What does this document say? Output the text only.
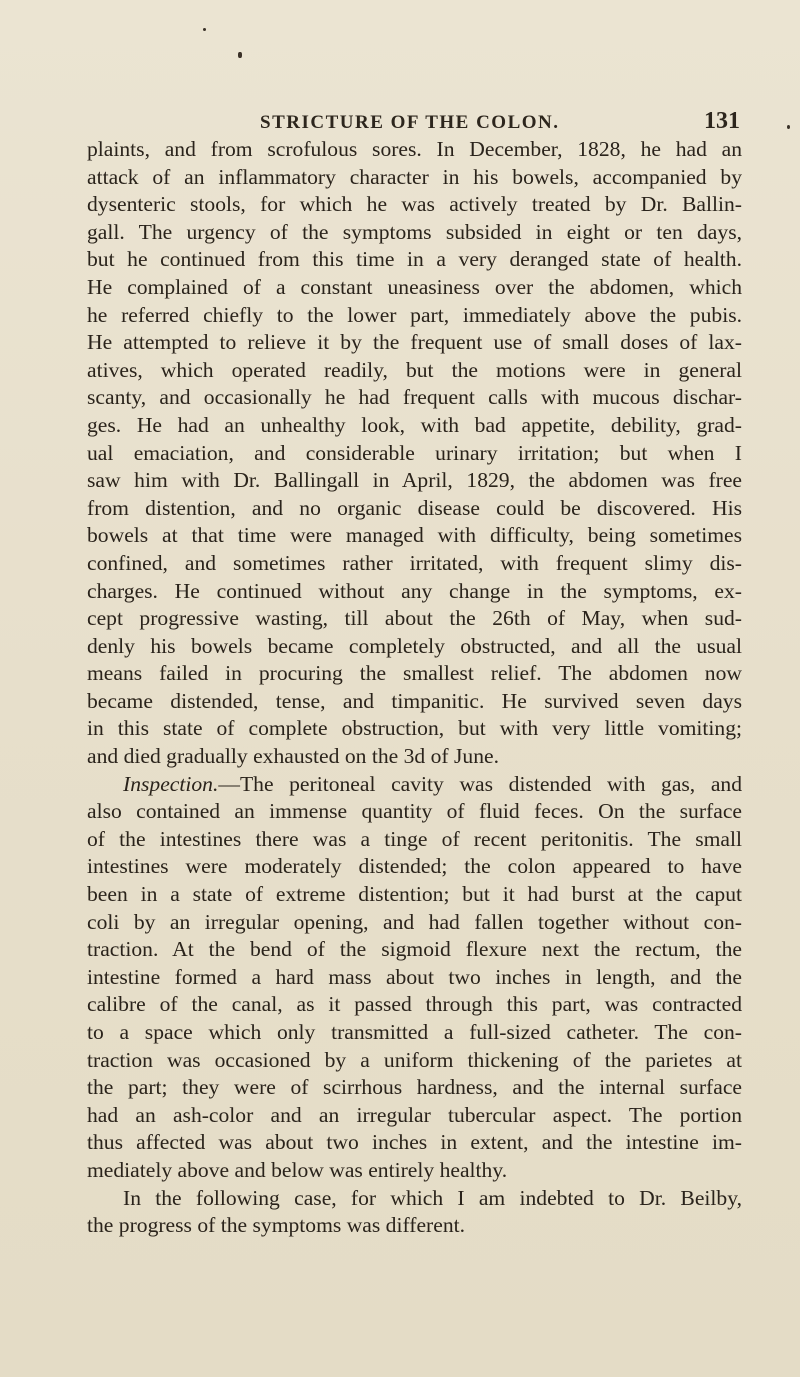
STRICTURE OF THE COLON.	131
plaints, and from scrofulous sores. In December, 1828, he had an
attack of an inflammatory character in his bowels, accompanied by
dysenteric stools, for which he was actively treated by Dr. Ballin-
gall. The urgency of the symptoms subsided in eight or ten days,
but he continued from this time in a very deranged state of health.
He complained of a constant uneasiness over the abdomen, which
he referred chiefly to the lower part, immediately above the pubis.
He attempted to relieve it by the frequent use of small doses of lax-
atives, which operated readily, but the motions were in general
scanty, and occasionally he had frequent calls with mucous dischar-
ges. He had an unhealthy look, with bad appetite, debility, grad-
ual emaciation, and considerable urinary irritation; but when I
saw him with Dr. Ballingall in April, 1829, the abdomen was free
from distention, and no organic disease could be discovered. His
bowels at that time were managed with difficulty, being sometimes
confined, and sometimes rather irritated, with frequent slimy dis-
charges. He continued without any change in the symptoms, ex-
cept progressive wasting, till about the 26th of May, when sud-
denly his bowels became completely obstructed, and all the usual
means failed in procuring the smallest relief. The abdomen now
became distended, tense, and timpanitic. He survived seven days
in this state of complete obstruction, but with very little vomiting;
and died gradually exhausted on the 3d of June.
Inspection.—The peritoneal cavity was distended with gas, and
also contained an immense quantity of fluid feces. On the surface
of the intestines there was a tinge of recent peritonitis. The small
intestines were moderately distended; the colon appeared to have
been in a state of extreme distention; but it had burst at the caput
coli by an irregular opening, and had fallen together without con-
traction. At the bend of the sigmoid flexure next the rectum, the
intestine formed a hard mass about two inches in length, and the
calibre of the canal, as it passed through this part, was contracted
to a space which only transmitted a full-sized catheter. The con-
traction was occasioned by a uniform thickening of the parietes at
the part; they were of scirrhous hardness, and the internal surface
had an ash-color and an irregular tubercular aspect. The portion
thus affected was about two inches in extent, and the intestine im-
mediately above and below was entirely healthy.
In the following case, for which I am indebted to Dr. Beilby,
the progress of the symptoms was different.
